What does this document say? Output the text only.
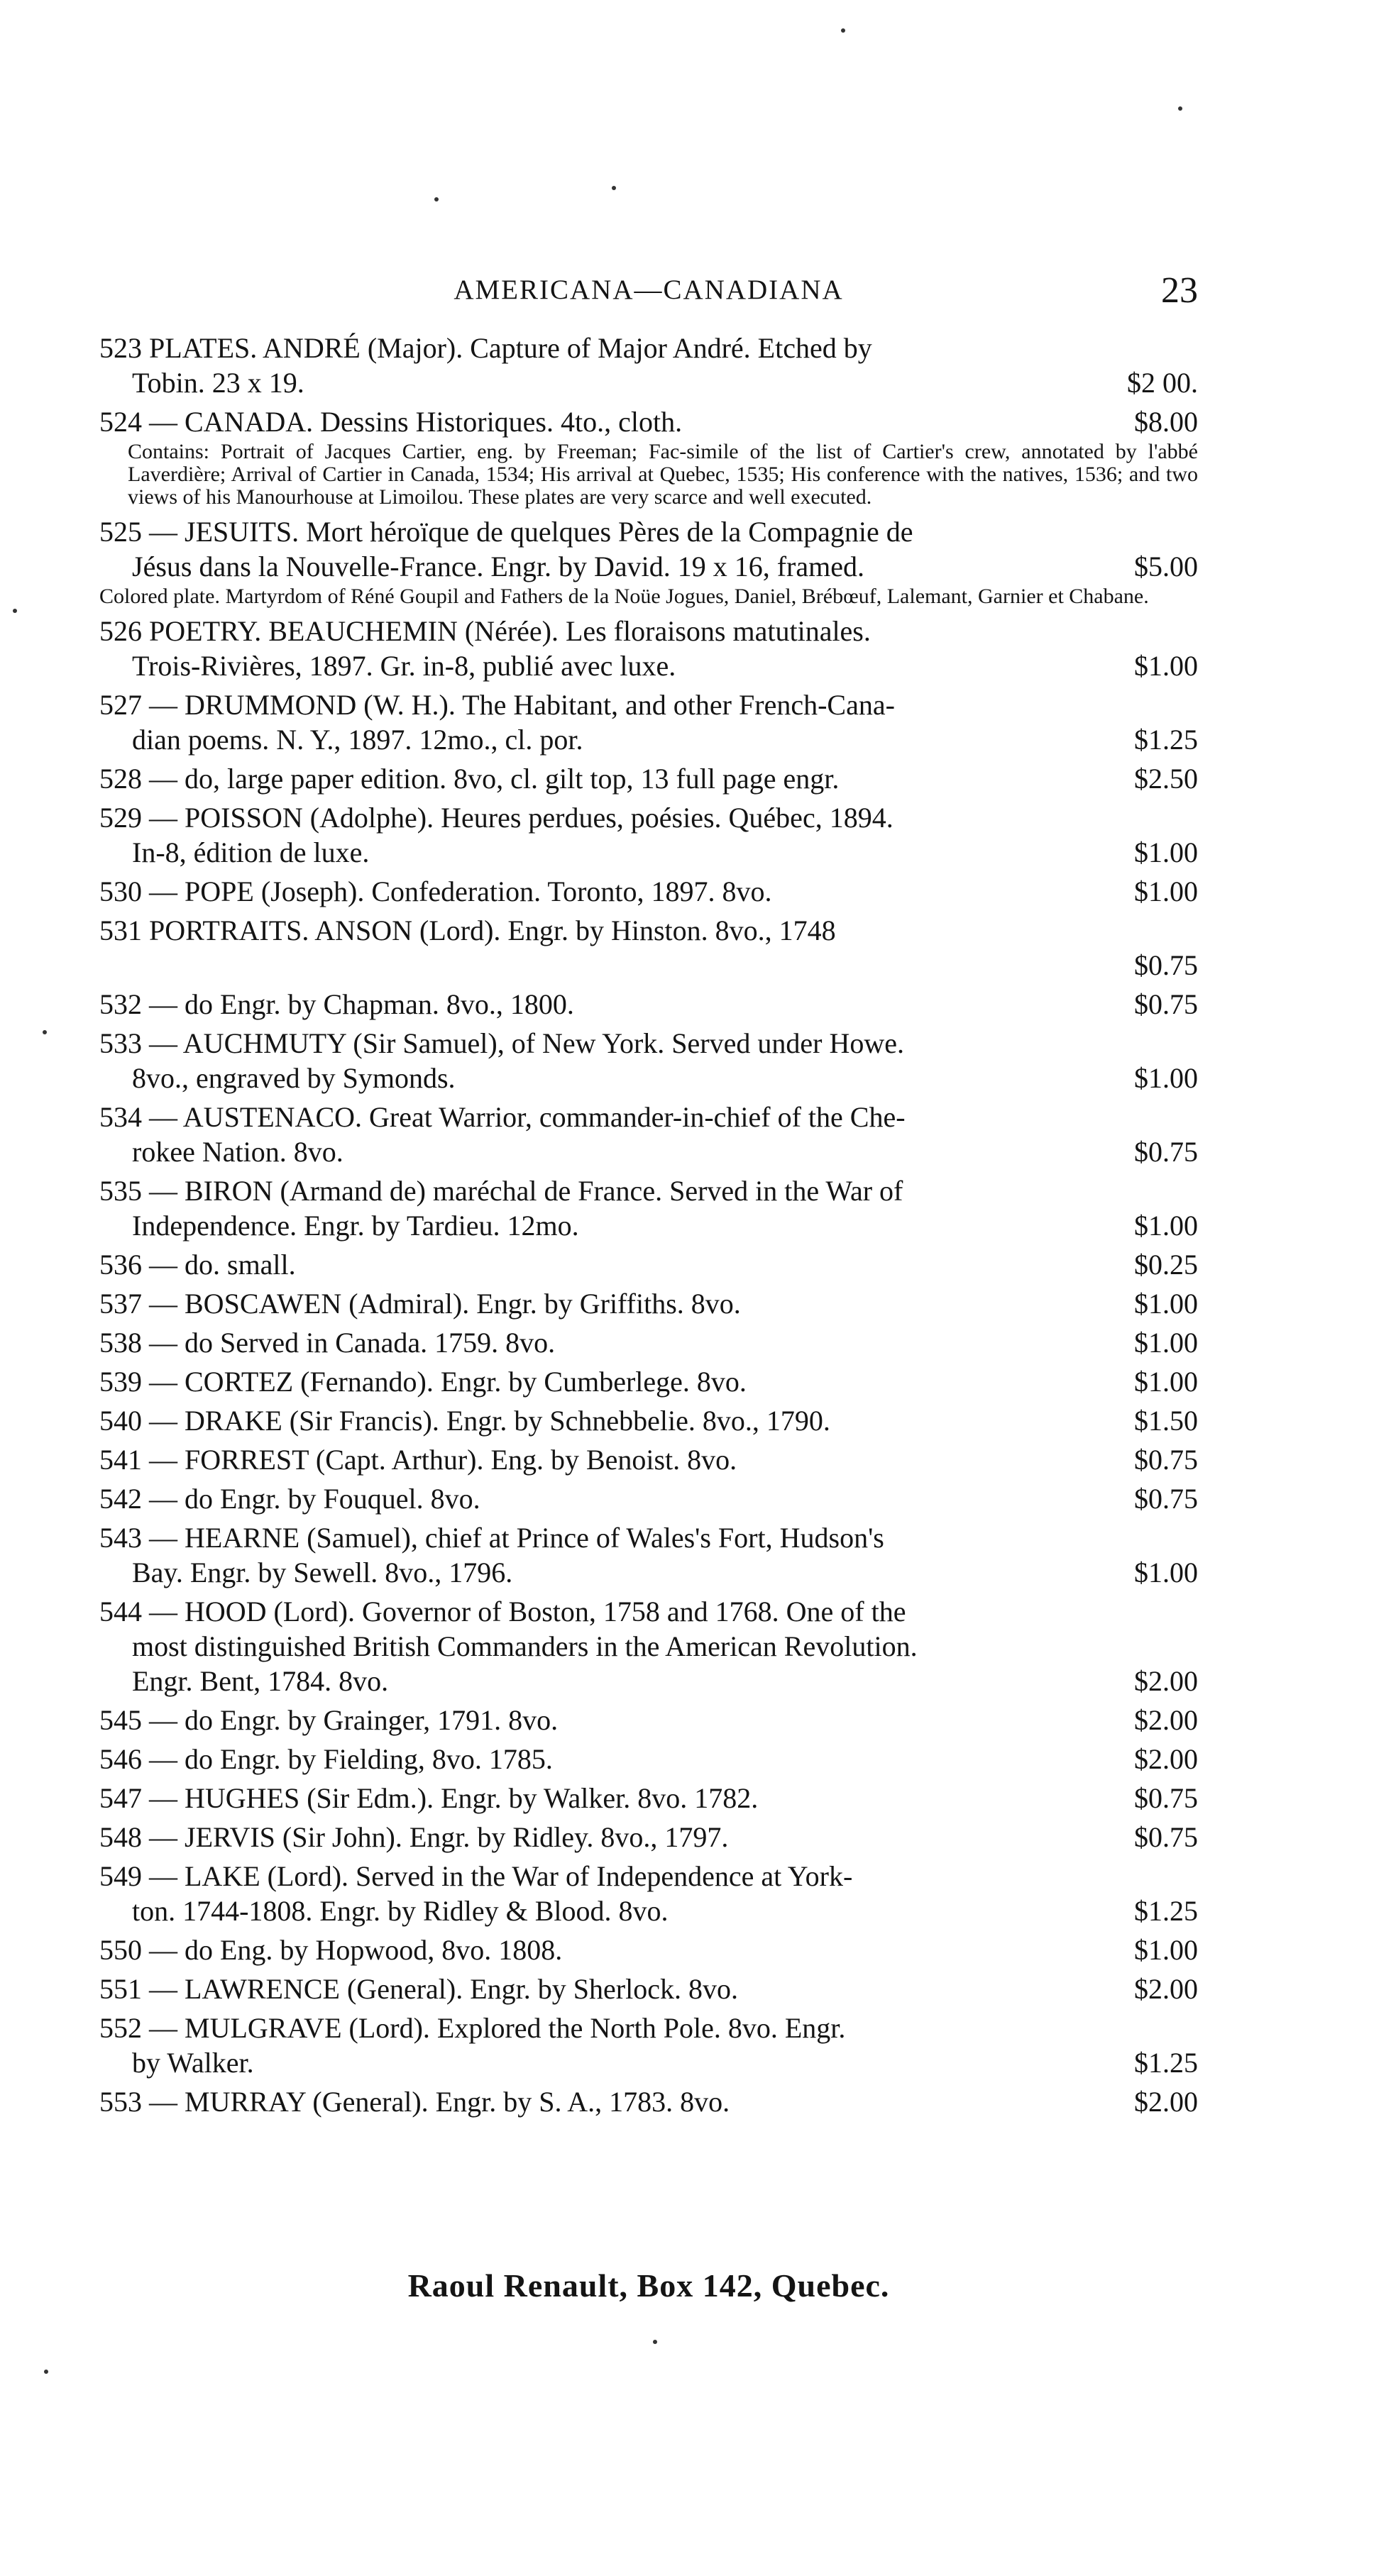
AMERICANA—CANADIANA	23
523 PLATES. ANDRÉ (Major). Capture of Major André. Etched by
Tobin. 23 x 19.	$2 00.
524 — CANADA. Dessins Historiques. 4to., cloth.	$8.00
Contains: Portrait of Jacques Cartier, eng. by Freeman; Fac-simile of the list of Cartier's crew, annotated by l'abbé Laverdière; Arrival of Cartier in Canada, 1534; His arrival at Quebec, 1535; His conference with the natives, 1536; and two views of his Manourhouse at Limoilou. These plates are very scarce and well executed.
525 — JESUITS. Mort héroïque de quelques Pères de la Compagnie de
Jésus dans la Nouvelle-France. Engr. by David. 19 x 16, framed.	$5.00
Colored plate. Martyrdom of Réné Goupil and Fathers de la Noüe Jogues, Daniel, Brébœuf, Lalemant, Garnier et Chabane.
526 POETRY. BEAUCHEMIN (Nérée). Les floraisons matutinales.
Trois-Rivières, 1897. Gr. in-8, publié avec luxe.	$1.00
527 — DRUMMOND (W. H.). The Habitant, and other French-Cana-
dian poems. N. Y., 1897. 12mo., cl. por.	$1.25
528 — do, large paper edition. 8vo, cl. gilt top, 13 full page engr.	$2.50
529 — POISSON (Adolphe). Heures perdues, poésies. Québec, 1894.
In-8, édition de luxe.	$1.00
530 — POPE (Joseph). Confederation. Toronto, 1897. 8vo.	$1.00
531 PORTRAITS. ANSON (Lord). Engr. by Hinston. 8vo., 1748
$0.75
532 — do Engr. by Chapman. 8vo., 1800.	$0.75
533 — AUCHMUTY (Sir Samuel), of New York. Served under Howe.
8vo., engraved by Symonds.	$1.00
534 — AUSTENACO. Great Warrior, commander-in-chief of the Che-
rokee Nation. 8vo.	$0.75
535 — BIRON (Armand de) maréchal de France. Served in the War of
Independence. Engr. by Tardieu. 12mo.	$1.00
536 — do. small.	$0.25
537 — BOSCAWEN (Admiral). Engr. by Griffiths. 8vo.	$1.00
538 — do Served in Canada. 1759. 8vo.	$1.00
539 — CORTEZ (Fernando). Engr. by Cumberlege. 8vo.	$1.00
540 — DRAKE (Sir Francis). Engr. by Schnebbelie. 8vo., 1790.	$1.50
541 — FORREST (Capt. Arthur). Eng. by Benoist. 8vo.	$0.75
542 — do Engr. by Fouquel. 8vo.	$0.75
543 — HEARNE (Samuel), chief at Prince of Wales's Fort, Hudson's
Bay. Engr. by Sewell. 8vo., 1796.	$1.00
544 — HOOD (Lord). Governor of Boston, 1758 and 1768. One of the
most distinguished British Commanders in the American Revolution.
Engr. Bent, 1784. 8vo.	$2.00
545 — do Engr. by Grainger, 1791. 8vo.	$2.00
546 — do Engr. by Fielding, 8vo. 1785.	$2.00
547 — HUGHES (Sir Edm.). Engr. by Walker. 8vo. 1782.	$0.75
548 — JERVIS (Sir John). Engr. by Ridley. 8vo., 1797.	$0.75
549 — LAKE (Lord). Served in the War of Independence at York-
ton. 1744-1808. Engr. by Ridley & Blood. 8vo.	$1.25
550 — do Eng. by Hopwood, 8vo. 1808.	$1.00
551 — LAWRENCE (General). Engr. by Sherlock. 8vo.	$2.00
552 — MULGRAVE (Lord). Explored the North Pole. 8vo. Engr.
by Walker.	$1.25
553 — MURRAY (General). Engr. by S. A., 1783. 8vo.	$2.00
Raoul Renault, Box 142, Quebec.
